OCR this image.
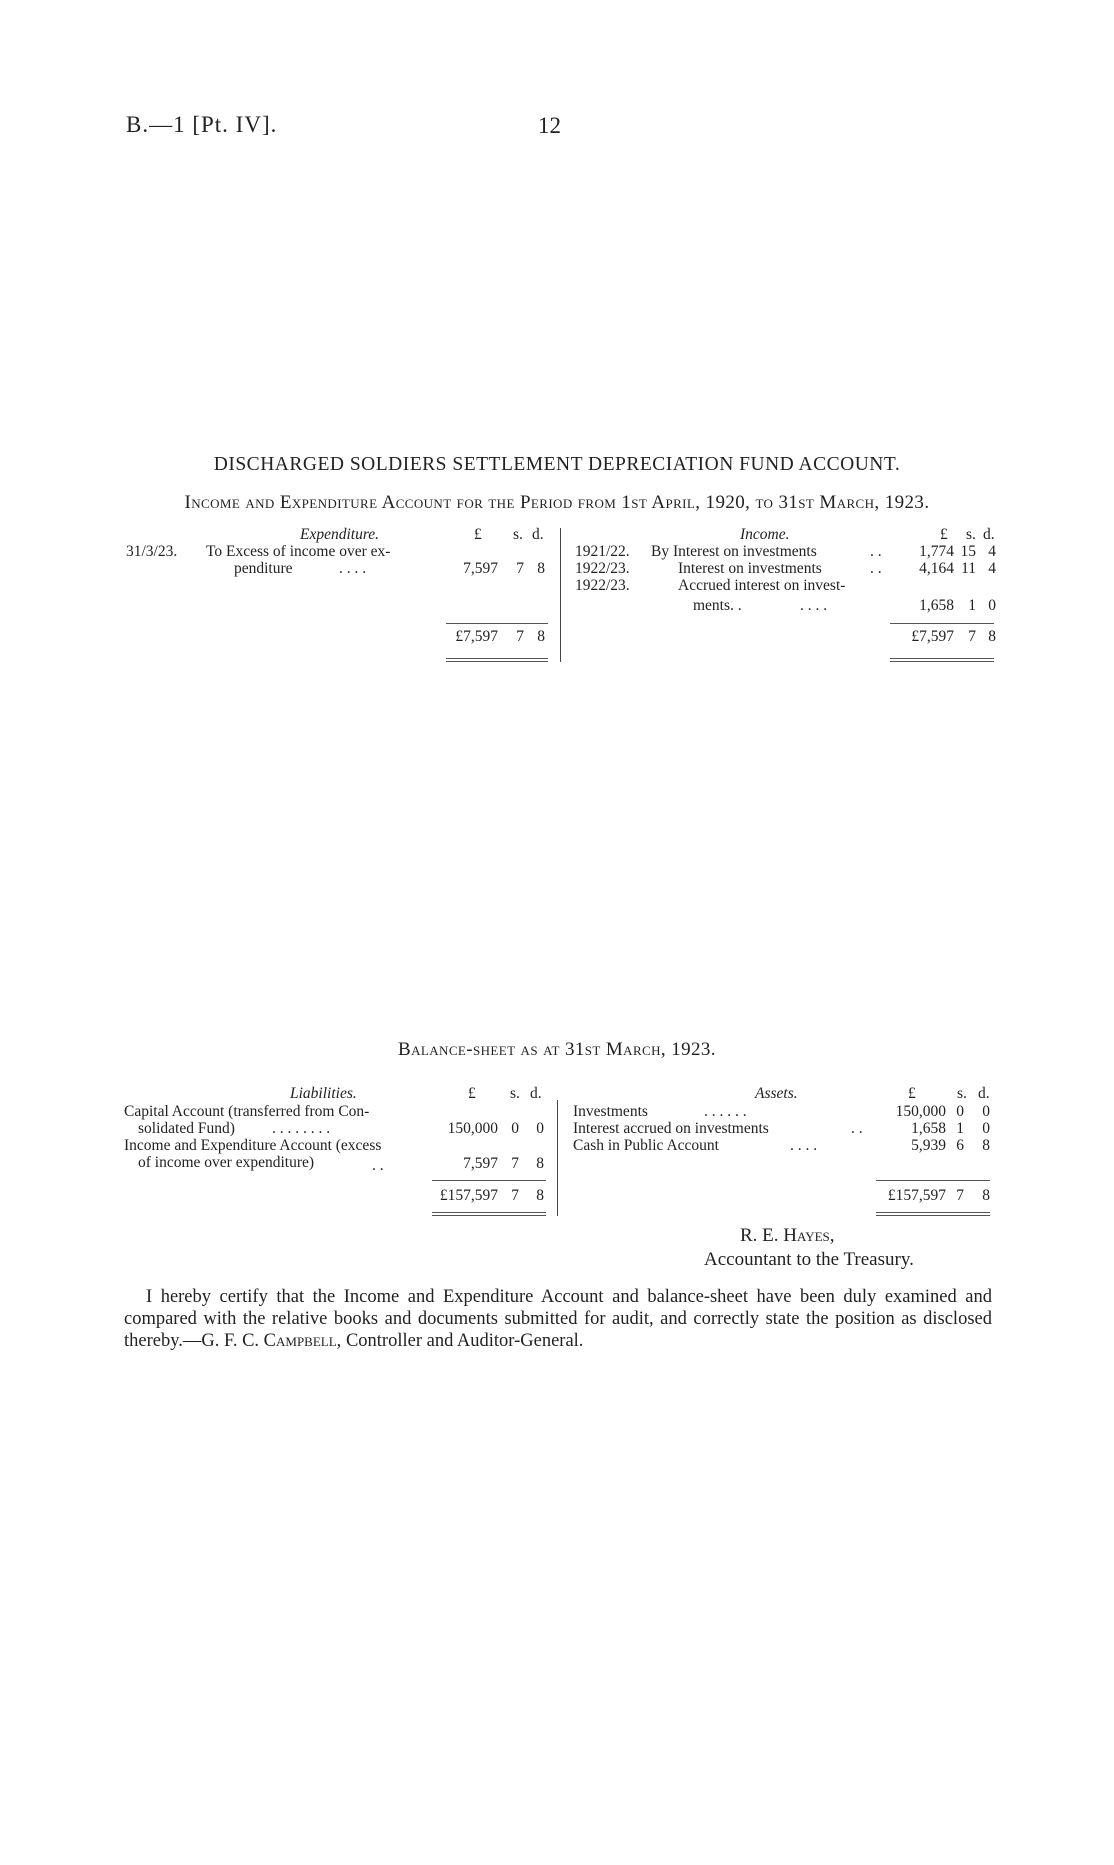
B.—1 [Pt. IV].	12
DISCHARGED SOLDIERS SETTLEMENT DEPRECIATION FUND ACCOUNT.
Income and Expenditure Account for the Period from 1st April, 1920, to 31st March, 1923.
Expenditure.	£ s. d.
31/3/23. To Excess of income over ex-
penditure	. . . .	7,597	7 8
£7,597	7 8
Income.	£ s. d.
1921/22. By Interest on investments	. .	1,774 15 4
1922/23.	Interest on investments	. .	4,164 11 4
1922/23.	Accrued interest on invest-
ments. .	. . . .	1,658 1 0
£7,597 7 8
Balance-sheet as at 31st March, 1923.
Liabilities.	£ s. d.
Capital Account (transferred from Con-
solidated Fund) . . . . . . . .	150,000 0	0
Income and Expenditure Account (excess
of income over expenditure)	. .	7,597 7	8
£157,597 7	8
Assets.	£	s. d.
Investments	. . . . . .	150,000 0	0
Interest accrued on investments	. .	1,658 1	0
Cash in Public Account	. . . .	5,939 6	8
£157,597 7	8
R. E. Hayes,
Accountant to the Treasury.
I hereby certify that the Income and Expenditure Account and balance-sheet have been duly examined and compared with the relative books and documents submitted for audit, and correctly state the position as disclosed thereby.—G. F. C. Campbell, Controller and Auditor-General.
